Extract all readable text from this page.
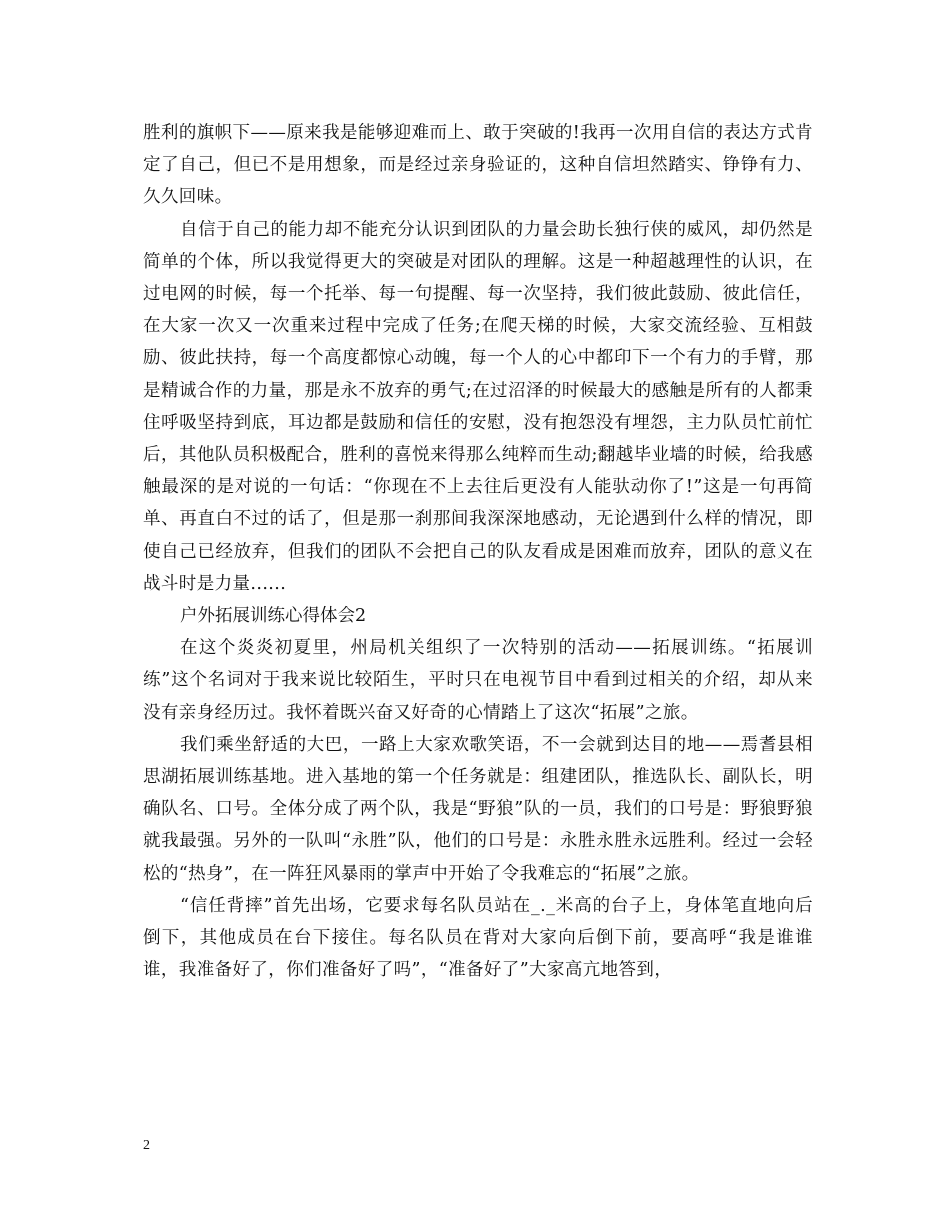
胜利的旗帜下——原来我是能够迎难而上、敢于突破的!我再一次用自信的表达方式肯定了自己，但已不是用想象，而是经过亲身验证的，这种自信坦然踏实、铮铮有力、久久回味。

自信于自己的能力却不能充分认识到团队的力量会助长独行侠的威风，却仍然是简单的个体，所以我觉得更大的突破是对团队的理解。这是一种超越理性的认识，在过电网的时候，每一个托举、每一句提醒、每一次坚持，我们彼此鼓励、彼此信任，在大家一次又一次重来过程中完成了任务;在爬天梯的时候，大家交流经验、互相鼓励、彼此扶持，每一个高度都惊心动魄，每一个人的心中都印下一个有力的手臂，那是精诚合作的力量，那是永不放弃的勇气;在过沼泽的时候最大的感触是所有的人都秉住呼吸坚持到底，耳边都是鼓励和信任的安慰，没有抱怨没有埋怨，主力队员忙前忙后，其他队员积极配合，胜利的喜悦来得那么纯粹而生动;翻越毕业墙的时候，给我感触最深的是对说的一句话：“你现在不上去往后更没有人能驮动你了!”这是一句再简单、再直白不过的话了，但是那一刹那间我深深地感动，无论遇到什么样的情况，即使自己已经放弃，但我们的团队不会把自己的队友看成是困难而放弃，团队的意义在战斗时是力量......

户外拓展训练心得体会2

在这个炎炎初夏里，州局机关组织了一次特别的活动——拓展训练。“拓展训练”这个名词对于我来说比较陌生，平时只在电视节目中看到过相关的介绍，却从来没有亲身经历过。我怀着既兴奋又好奇的心情踏上了这次“拓展”之旅。

我们乘坐舒适的大巴，一路上大家欢歌笑语，不一会就到达目的地——焉耆县相思湖拓展训练基地。进入基地的第一个任务就是：组建团队，推选队长、副队长，明确队名、口号。全体分成了两个队，我是“野狼”队的一员，我们的口号是：野狼野狼就我最强。另外的一队叫“永胜”队，他们的口号是：永胜永胜永远胜利。经过一会轻松的“热身”，在一阵狂风暴雨的掌声中开始了令我难忘的“拓展”之旅。

“信任背摔”首先出场，它要求每名队员站在_._米高的台子上，身体笔直地向后倒下，其他成员在台下接住。每名队员在背对大家向后倒下前，要高呼“我是谁谁谁，我准备好了，你们准备好了吗”，“准备好了”大家高亢地答到，

2
